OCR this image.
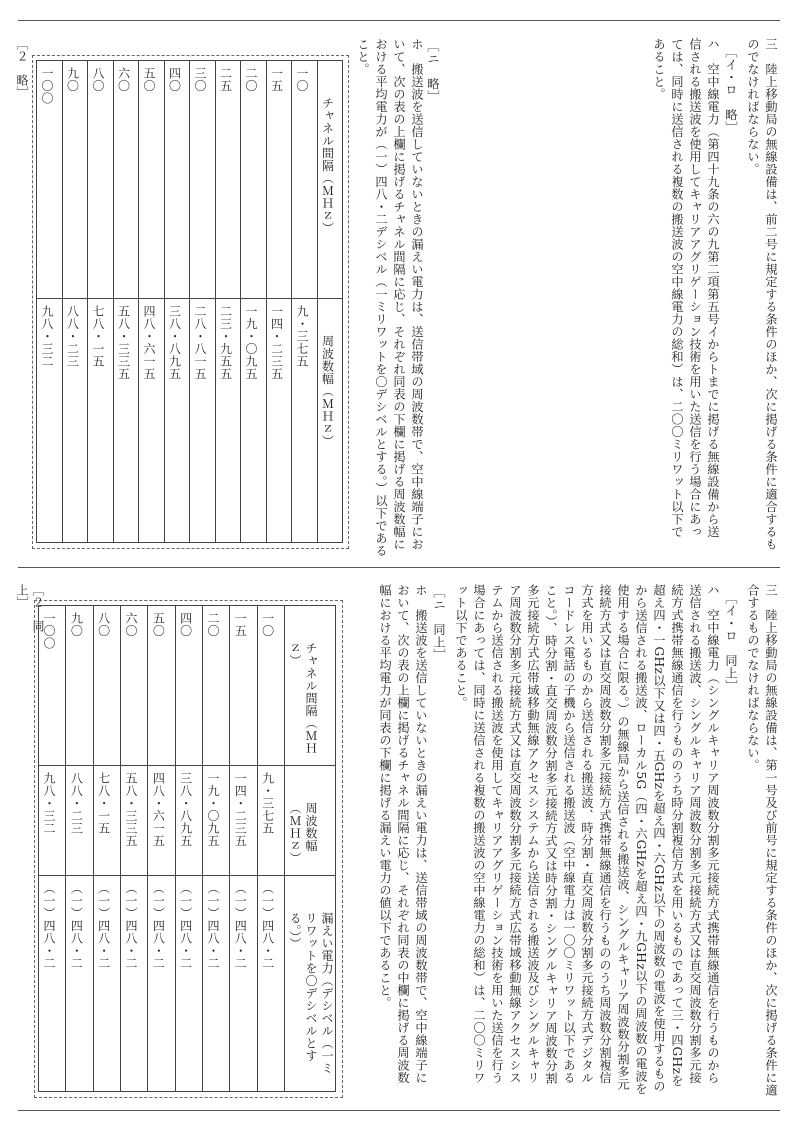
三　陸上移動局の無線設備は、前二号に規定する条件のほか、次に掲げる条件に適合するものでなければならない。
［イ・ロ　略］
ハ　空中線電力（第四十九条の六の九第二項第五号イからトまでに掲げる無線設備から送信される搬送波を使用してキャリアアグリゲーション技術を用いた送信を行う場合にあっては、同時に送信される複数の搬送波の空中線電力の総和）は、二〇〇ミリワット以下であること。
［ニ　略］
ホ　搬送波を送信していないときの漏えい電力は、送信帯域の周波数帯で、空中線端子において、次の表の上欄に掲げるチャネル間隔に応じ、それぞれ同表の下欄に掲げる周波数幅における平均電力が（一）四八・二デシベル（一ミリワットを〇デシベルとする。）以下であること。
［２　略］ 一〇〇	九〇	八〇	六〇	五〇	四〇	三〇	二五	二〇	一五	一〇	チャネル間隔（ＭＨｚ）

九八・三二	八八・二三	七八・一五	五八・三三五	四八・六一五	三八・八九五	二八・八一五	二三・九五五	一九・〇九五	一四・二三五	九・三七五	周波数幅（ＭＨｚ）
三　陸上移動局の無線設備は、第一号及び前号に規定する条件のほか、次に掲げる条件に適合するものでなければならない。
［イ・ロ　同上］
ハ　空中線電力（シングルキャリア周波数分割多元接続方式携帯無線通信を行うものから送信される搬送波、シングルキャリア周波数分割多元接続方式又は直交周波数分割多元接続方式携帯無線通信を行うもののうち時分割複信方式を用いるものであって三・四GHzを超え四・一GHz以下又は四・五GHzを超え四・六GHz以下の周波数の電波を使用するものから送信される搬送波、ローカル5G（四・六GHzを超え四・九GHz以下の周波数の電波を使用する場合に限る。）の無線局から送信される搬送波、シングルキャリア周波数分割多元接続方式又は直交周波数分割多元接続方式携帯無線通信を行うもののうち周波数分割複信方式を用いるものから送信される搬送波、時分割・直交周波数分割多元接続方式デジタルコードレス電話の子機から送信される搬送波（空中線電力は一〇〇ミリワット以下であること。）、時分割・直交周波数分割多元接続方式又は時分割・シングルキャリア周波数分割多元接続方式広帯域移動無線アクセスシステムから送信される搬送波及びシングルキャリア周波数分割多元接続方式又は直交周波数分割多元接続方式広帯域移動無線アクセスシステムから送信される搬送波を使用してキャリアアグリゲーション技術を用いた送信を行う場合にあっては、同時に送信される複数の搬送波の空中線電力の総和）は、二〇〇ミリワット以下であること。
［ニ　同上］
ホ　搬送波を送信していないときの漏えい電力は、送信帯域の周波数帯で、空中線端子において、次の表の上欄に掲げるチャネル間隔に応じ、それぞれ同表の中欄に掲げる周波数幅における平均電力が同表の下欄に掲げる漏えい電力の値以下であること。
［２　同上］
一〇〇	九〇	八〇	六〇	五〇	四〇	二〇	一五	一〇	チャネル間隔（ＭＨｚ）

九八・三二	八八・二三	七八・一五	五八・三三五	四八・六一五	三八・八九五	一九・〇九五	一四・二三五	九・三七五	周波数幅（ＭＨｚ）

（一）四八・二	（一）四八・二	（一）四八・二	（一）四八・二	（一）四八・二	（一）四八・二	（一）四八・二	（一）四八・二	（一）四八・二	漏えい電力（デシベル（一ミリワットを〇デシベルとする。））
